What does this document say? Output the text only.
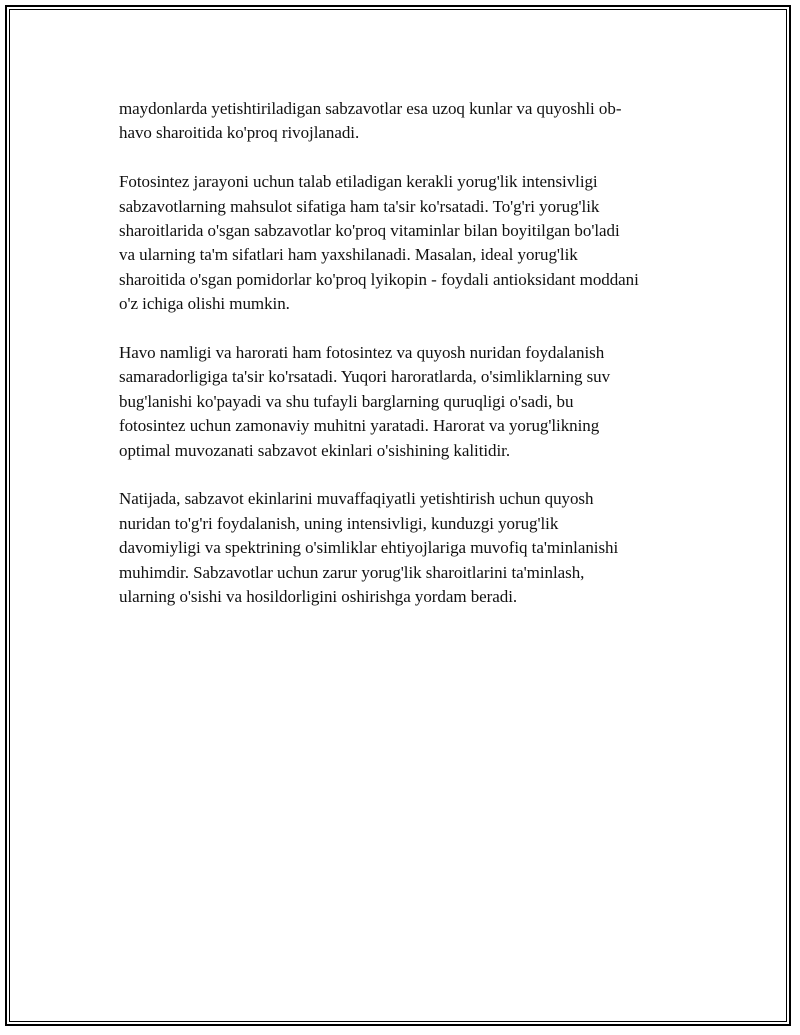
maydonlarda yetishtiriladigan sabzavotlar esa uzoq kunlar va quyoshli ob-
havo sharoitida ko'proq rivojlanadi.

Fotosintez jarayoni uchun talab etiladigan kerakli yorug'lik intensivligi
sabzavotlarning mahsulot sifatiga ham ta'sir ko'rsatadi. To'g'ri yorug'lik
sharoitlarida o'sgan sabzavotlar ko'proq vitaminlar bilan boyitilgan bo'ladi
va ularning ta'm sifatlari ham yaxshilanadi. Masalan, ideal yorug'lik
sharoitida o'sgan pomidorlar ko'proq lyikopin - foydali antioksidant moddani
o'z ichiga olishi mumkin.

Havo namligi va harorati ham fotosintez va quyosh nuridan foydalanish
samaradorligiga ta'sir ko'rsatadi. Yuqori haroratlarda, o'simliklarning suv
bug'lanishi ko'payadi va shu tufayli barglarning quruqligi o'sadi, bu
fotosintez uchun zamonaviy muhitni yaratadi. Harorat va yorug'likning
optimal muvozanati sabzavot ekinlari o'sishining kalitidir.

Natijada, sabzavot ekinlarini muvaffaqiyatli yetishtirish uchun quyosh
nuridan to'g'ri foydalanish, uning intensivligi, kunduzgi yorug'lik
davomiyligi va spektrining o'simliklar ehtiyojlariga muvofiq ta'minlanishi
muhimdir. Sabzavotlar uchun zarur yorug'lik sharoitlarini ta'minlash,
ularning o'sishi va hosildorligini oshirishga yordam beradi.
